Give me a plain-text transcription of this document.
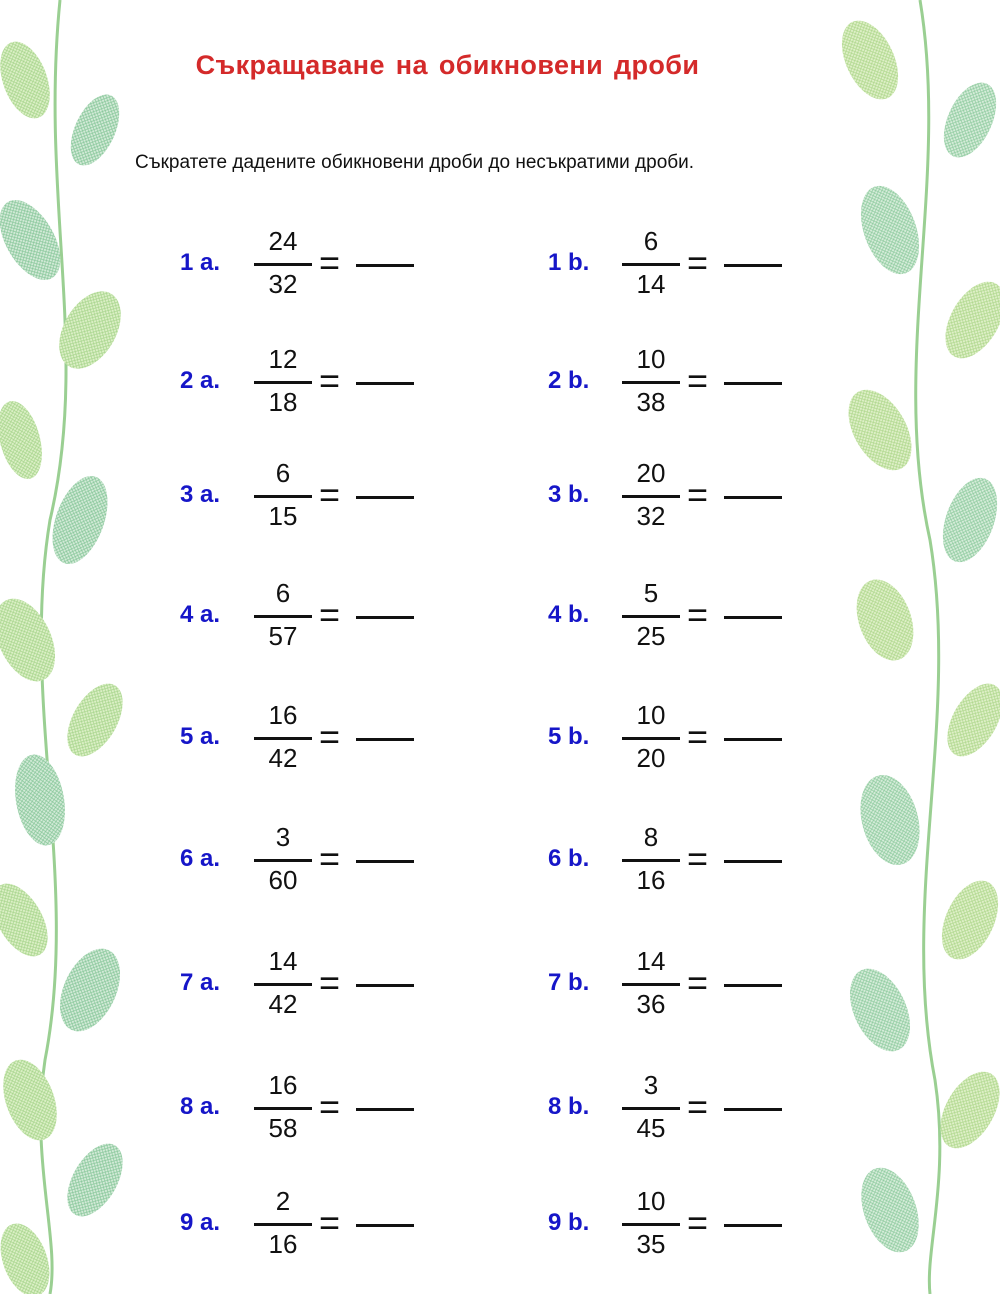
Съкращаване на обикновени дроби
Съкратете дадените обикновени дроби до несъкратими дроби.
1 a.
24
32
=
2 a.
12
18
=
3 a.
6
15
=
4 a.
6
57
=
5 a.
16
42
=
6 a.
3
60
=
7 a.
14
42
=
8 a.
16
58
=
9 a.
2
16
=
1 b.
6
14
=
2 b.
10
38
=
3 b.
20
32
=
4 b.
5
25
=
5 b.
10
20
=
6 b.
8
16
=
7 b.
14
36
=
8 b.
3
45
=
9 b.
10
35
=
